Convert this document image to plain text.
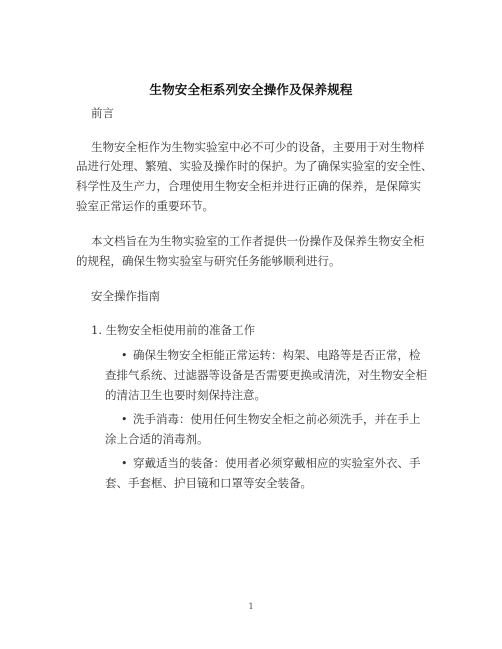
生物安全柜系列安全操作及保养规程
前言
生物安全柜作为生物实验室中必不可少的设备，主要用于对生物样
品进行处理、繁殖、实验及操作时的保护。为了确保实验室的安全性、
科学性及生产力，合理使用生物安全柜并进行正确的保养，是保障实
验室正常运作的重要环节。
本文档旨在为生物实验室的工作者提供一份操作及保养生物安全柜
的规程，确保生物实验室与研究任务能够顺利进行。
安全操作指南
1. 生物安全柜使用前的准备工作
• 确保生物安全柜能正常运转：构架、电路等是否正常，检
查排气系统、过滤器等设备是否需要更换或清洗，对生物安全柜
的清洁卫生也要时刻保持注意。
• 洗手消毒：使用任何生物安全柜之前必须洗手，并在手上
涂上合适的消毒剂。
• 穿戴适当的装备：使用者必须穿戴相应的实验室外衣、手
套、手套框、护目镜和口罩等安全装备。
1
